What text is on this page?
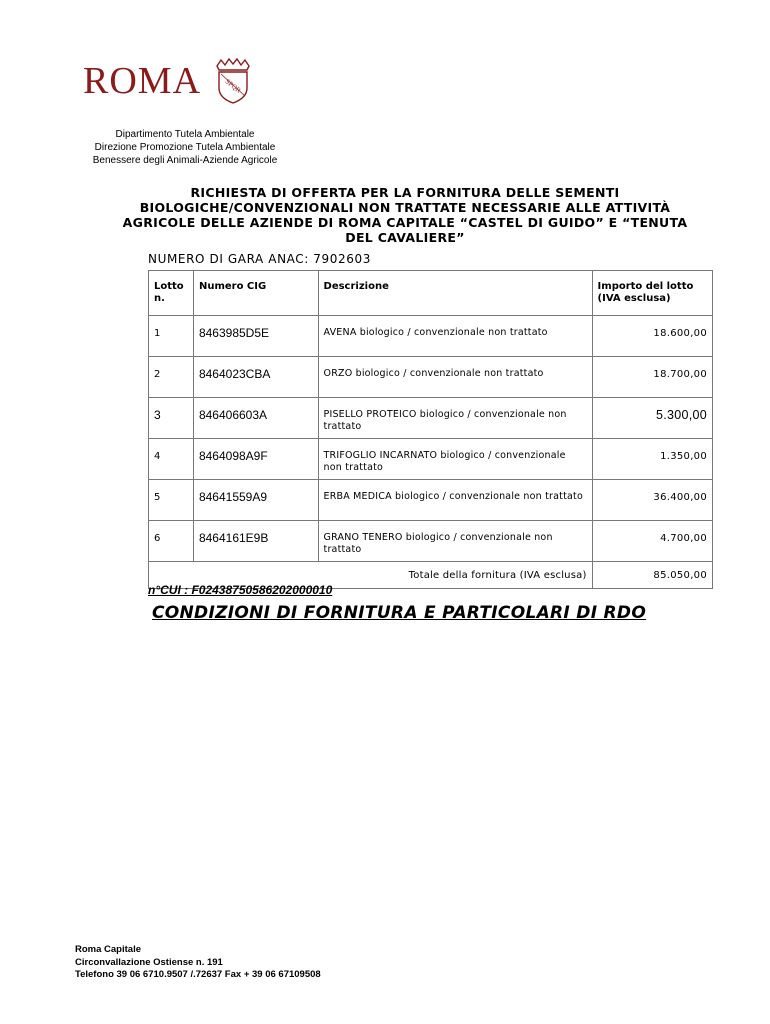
ROMA	SPQR
Dipartimento Tutela Ambientale
Direzione Promozione Tutela Ambientale
Benessere degli Animali-Aziende Agricole
RICHIESTA DI OFFERTA PER LA FORNITURA DELLE SEMENTI
BIOLOGICHE/CONVENZIONALI NON TRATTATE NECESSARIE ALLE ATTIVITÀ
AGRICOLE DELLE AZIENDE DI ROMA CAPITALE “CASTEL DI GUIDO” E “TENUTA
DEL CAVALIERE”
NUMERO DI GARA ANAC: 7902603
Lotto n.	Numero CIG	Descrizione	Importo del lotto (IVA esclusa)

1	8463985D5E	AVENA biologico / convenzionale non trattato	18.600,00

2	8464023CBA	ORZO biologico / convenzionale non trattato	18.700,00

3	846406603A	PISELLO PROTEICO biologico / convenzionale non trattato	5.300,00

4	8464098A9F	TRIFOGLIO INCARNATO biologico / convenzionale non trattato	1.350,00

5	84641559A9	ERBA MEDICA biologico / convenzionale non trattato	36.400,00

6	8464161E9B	GRANO TENERO biologico / convenzionale non trattato	4.700,00

Totale della fornitura (IVA esclusa)			85.050,00
n°CUI : F02438750586202000010
CONDIZIONI DI FORNITURA E PARTICOLARI DI RDO
Roma Capitale
Circonvallazione Ostiense n. 191
Telefono 39 06 6710.9507 /.72637 Fax + 39 06 67109508
